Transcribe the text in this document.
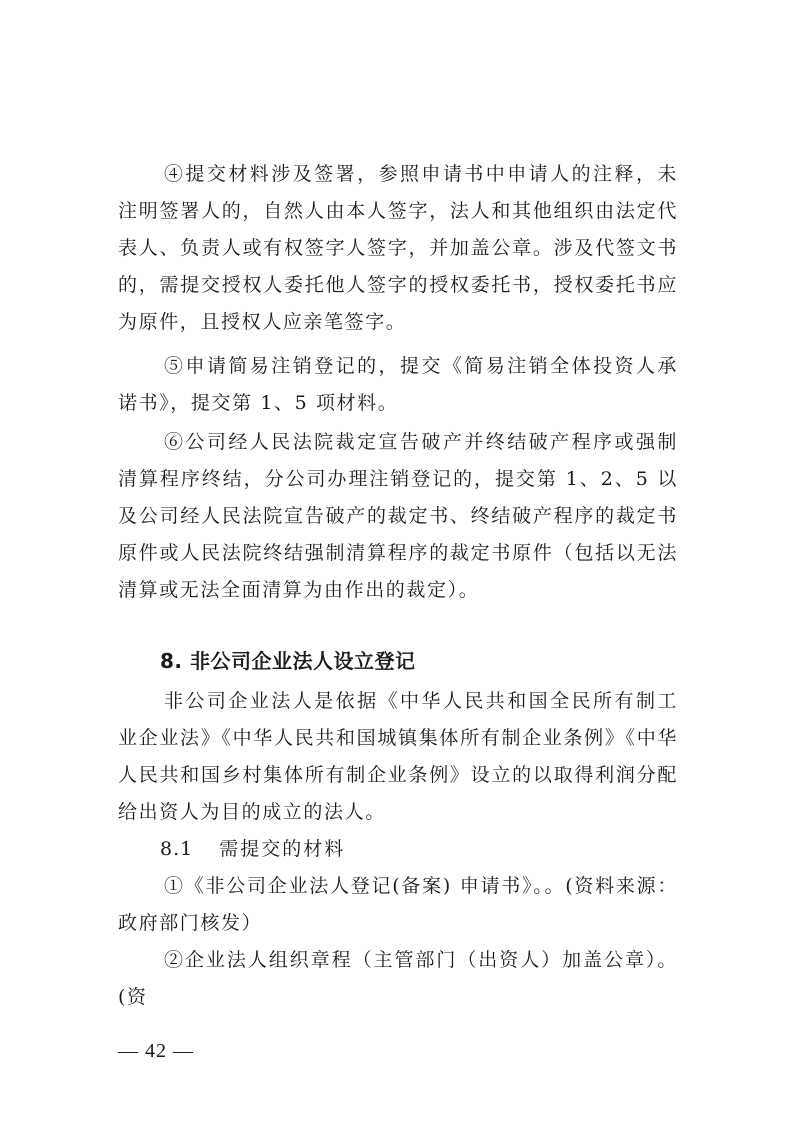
④提交材料涉及签署，参照申请书中申请人的注释，未注明签署人的，自然人由本人签字，法人和其他组织由法定代表人、负责人或有权签字人签字，并加盖公章。涉及代签文书的，需提交授权人委托他人签字的授权委托书，授权委托书应为原件，且授权人应亲笔签字。

⑤申请简易注销登记的，提交《简易注销全体投资人承诺书》，提交第 1、5 项材料。

⑥公司经人民法院裁定宣告破产并终结破产程序或强制清算程序终结，分公司办理注销登记的，提交第 1、2、5 以及公司经人民法院宣告破产的裁定书、终结破产程序的裁定书原件或人民法院终结强制清算程序的裁定书原件（包括以无法清算或无法全面清算为由作出的裁定）。

8. 非公司企业法人设立登记

非公司企业法人是依据《中华人民共和国全民所有制工业企业法》《中华人民共和国城镇集体所有制企业条例》《中华人民共和国乡村集体所有制企业条例》设立的以取得利润分配给出资人为目的成立的法人。

8.1 需提交的材料

①《非公司企业法人登记(备案) 申请书》。。(资料来源：政府部门核发）

②企业法人组织章程（主管部门（出资人）加盖公章）。(资

— 42 —
